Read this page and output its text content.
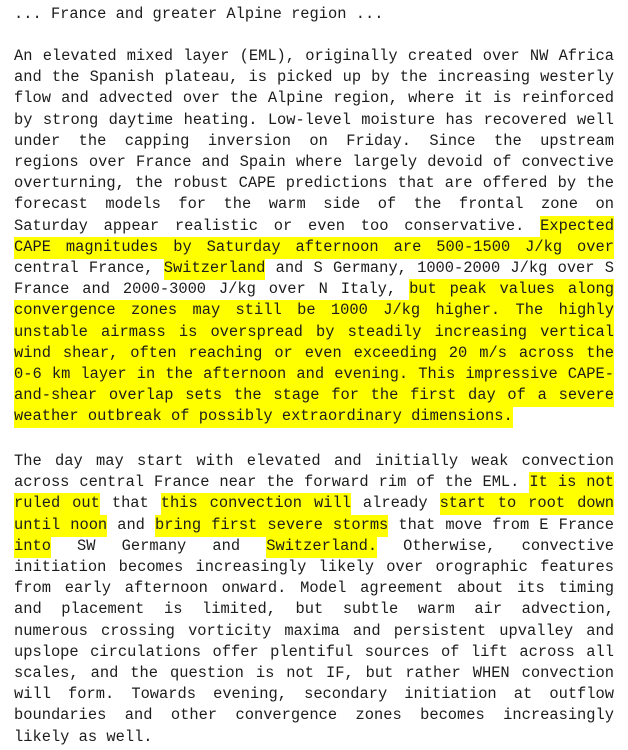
... France and greater Alpine region ...

An elevated mixed layer (EML), originally created over NW Africa and the Spanish plateau, is picked up by the increasing westerly flow and advected over the Alpine region, where it is reinforced by strong daytime heating. Low-level moisture has recovered well under the capping inversion on Friday. Since the upstream regions over France and Spain where largely devoid of convective overturning, the robust CAPE predictions that are offered by the forecast models for the warm side of the frontal zone on Saturday appear realistic or even too conservative. Expected CAPE magnitudes by Saturday afternoon are 500-1500 J/kg over central France, Switzerland and S Germany, 1000-2000 J/kg over S France and 2000-3000 J/kg over N Italy, but peak values along convergence zones may still be 1000 J/kg higher. The highly unstable airmass is overspread by steadily increasing vertical wind shear, often reaching or even exceeding 20 m/s across the 0-6 km layer in the afternoon and evening. This impressive CAPE-and-shear overlap sets the stage for the first day of a severe weather outbreak of possibly extraordinary dimensions.

The day may start with elevated and initially weak convection across central France near the forward rim of the EML. It is not ruled out that this convection will already start to root down until noon and bring first severe storms that move from E France into SW Germany and Switzerland. Otherwise, convective initiation becomes increasingly likely over orographic features from early afternoon onward. Model agreement about its timing and placement is limited, but subtle warm air advection, numerous crossing vorticity maxima and persistent upvalley and upslope circulations offer plentiful sources of lift across all scales, and the question is not IF, but rather WHEN convection will form. Towards evening, secondary initiation at outflow boundaries and other convergence zones becomes increasingly likely as well.
